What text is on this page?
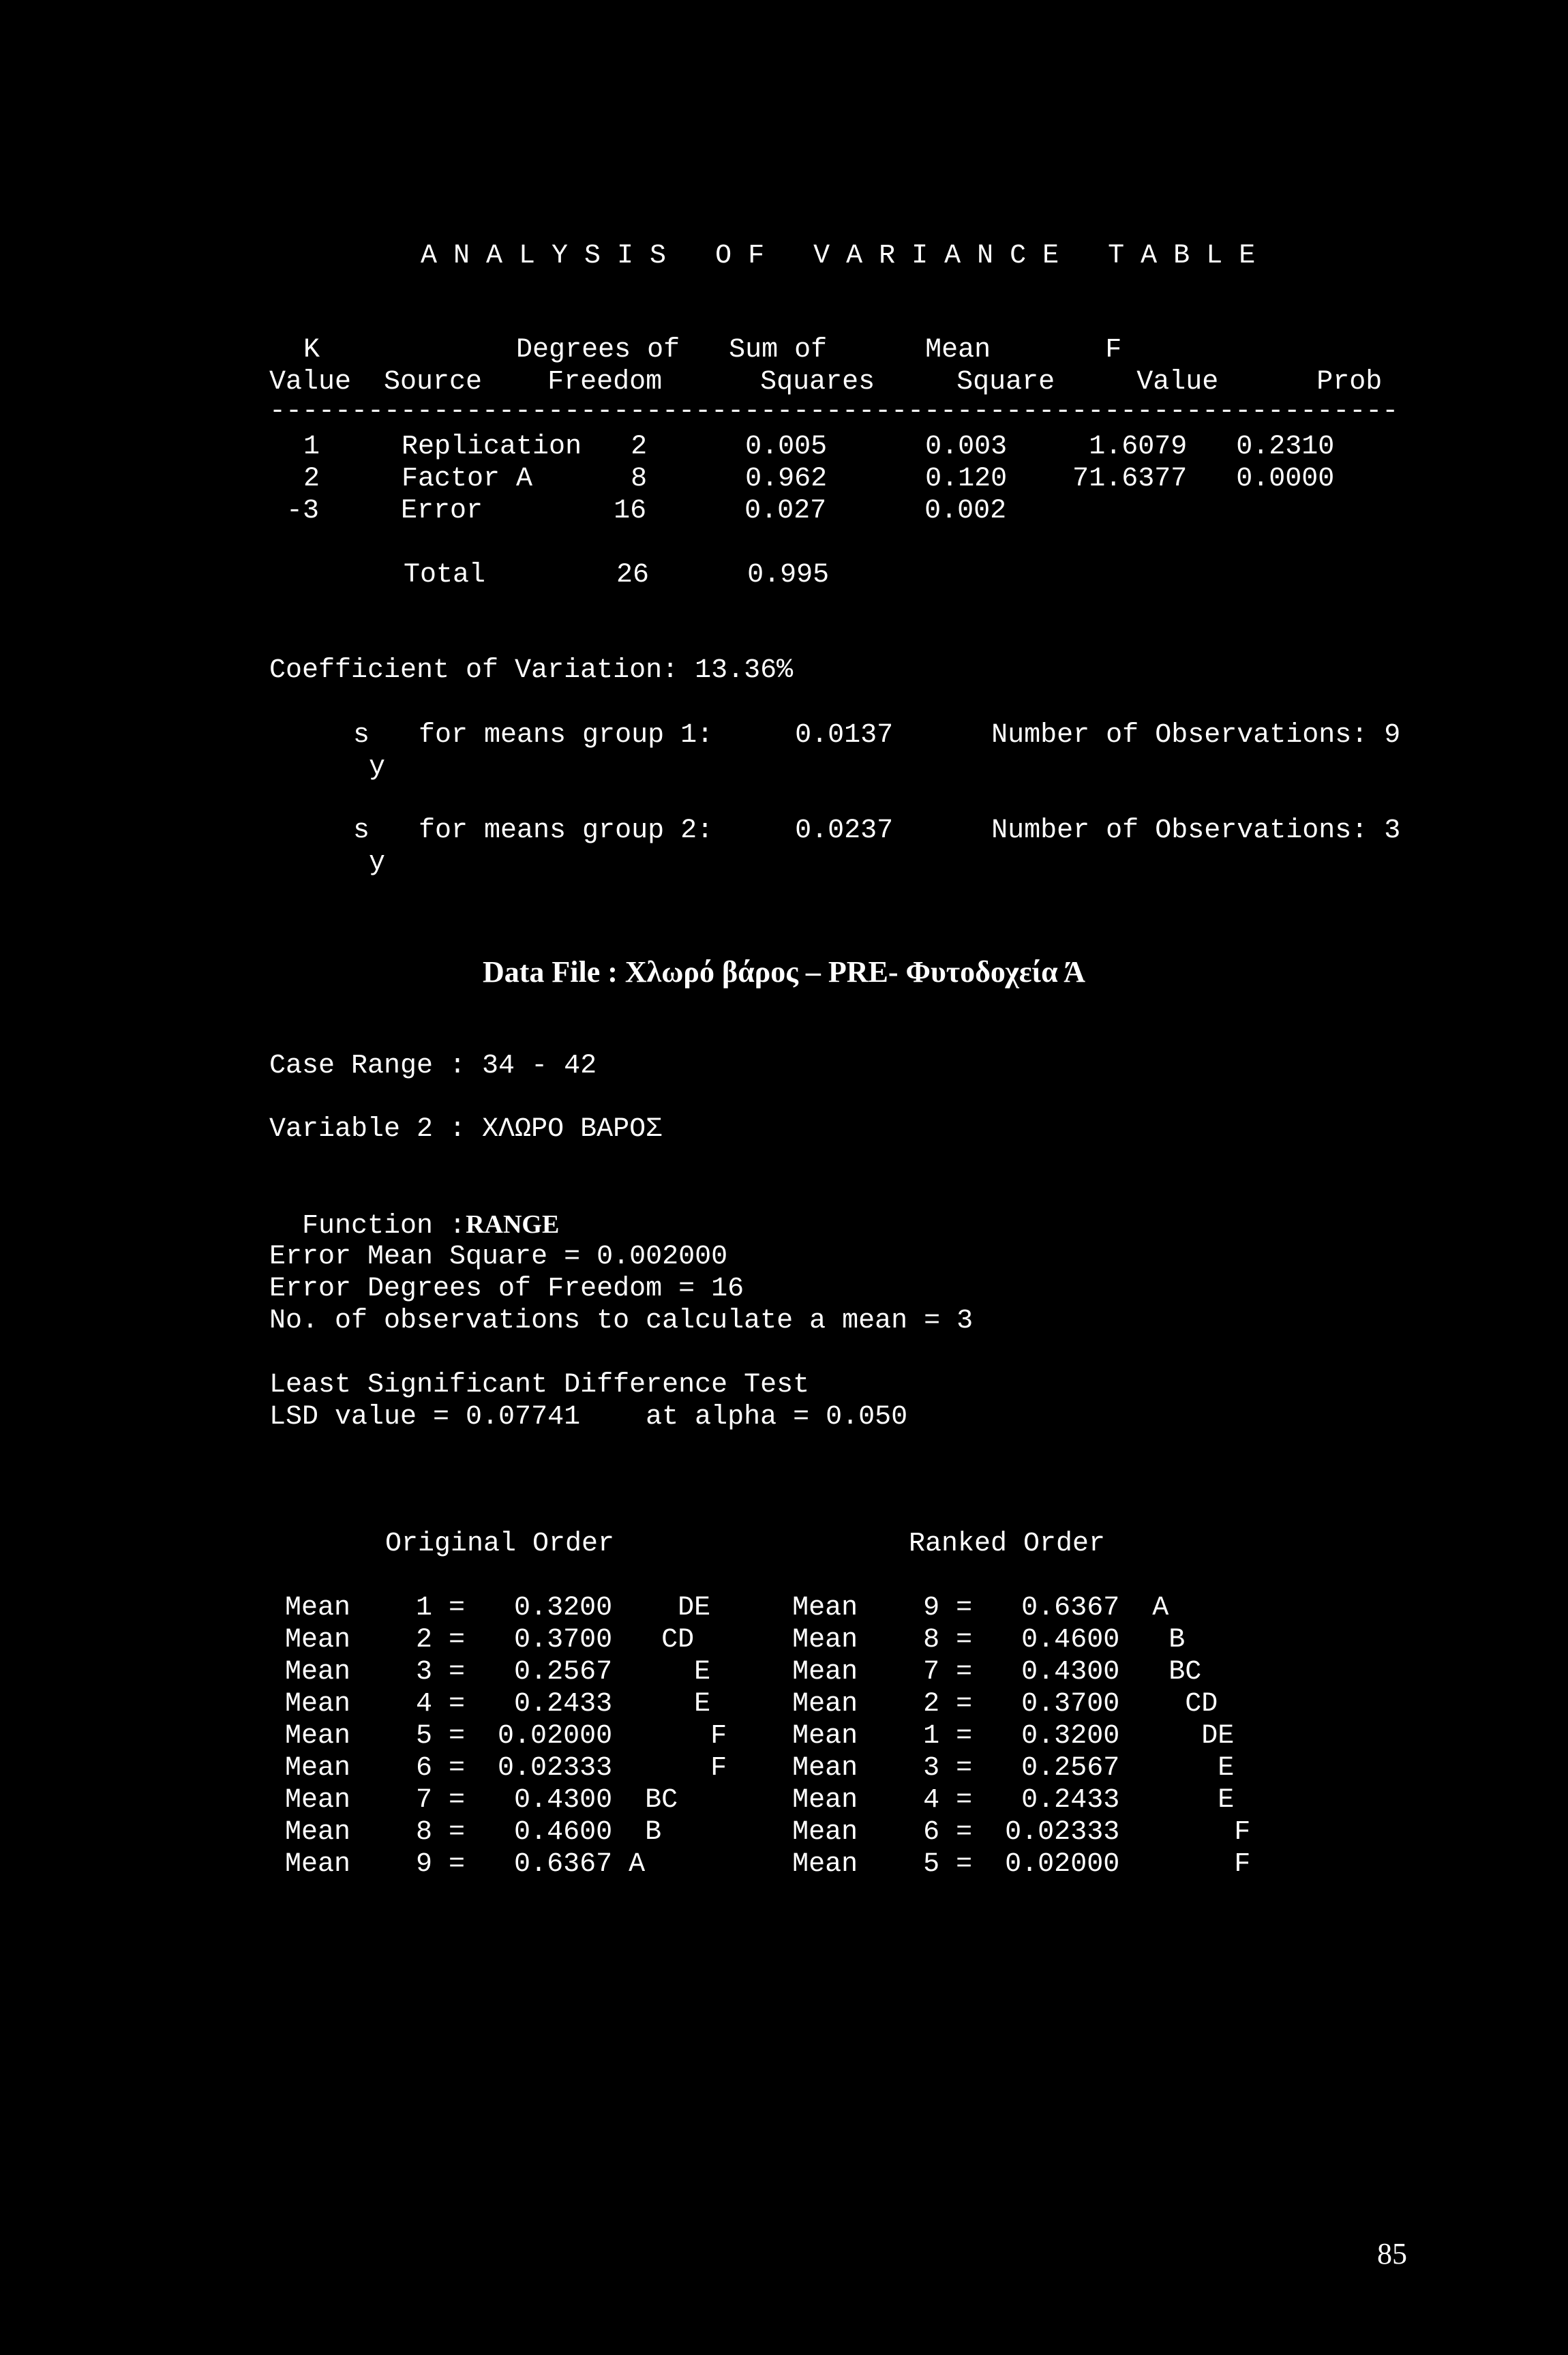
A N A L Y S I S   O F   V A R I A N C E   T A B L E
K            Degrees of   Sum of      Mean       F
Value  Source    Freedom      Squares     Square     Value      Prob
---------------------------------------------------------------------
1     Replication   2      0.005      0.003     1.6079   0.2310
2     Factor A      8      0.962      0.120    71.6377   0.0000
-3     Error        16      0.027      0.002
Total        26      0.995
Coefficient of Variation: 13.36%
s   for means group 1:     0.0137      Number of Observations: 9
y
s   for means group 2:     0.0237      Number of Observations: 3
y
Data File : Χλωρό βάρος – PRE- Φυτοδοχεία Ά
Case Range : 34 - 42
Variable 2 : ΧΛΩΡΟ ΒΑΡΟΣ

Function :RANGE

Error Mean Square = 0.002000
Error Degrees of Freedom = 16
No. of observations to calculate a mean = 3
Least Significant Difference Test
LSD value = 0.07741    at alpha = 0.050
Original Order	Ranked Order
Mean    1 =   0.3200    DE     Mean    9 =   0.6367  A
Mean    2 =   0.3700   CD      Mean    8 =   0.4600   B
Mean    3 =   0.2567     E     Mean    7 =   0.4300   BC
Mean    4 =   0.2433     E     Mean    2 =   0.3700    CD
Mean    5 =  0.02000      F    Mean    1 =   0.3200     DE
Mean    6 =  0.02333      F    Mean    3 =   0.2567      E
Mean    7 =   0.4300  BC       Mean    4 =   0.2433      E
Mean    8 =   0.4600  B        Mean    6 =  0.02333       F
Mean    9 =   0.6367 A         Mean    5 =  0.02000       F
85
